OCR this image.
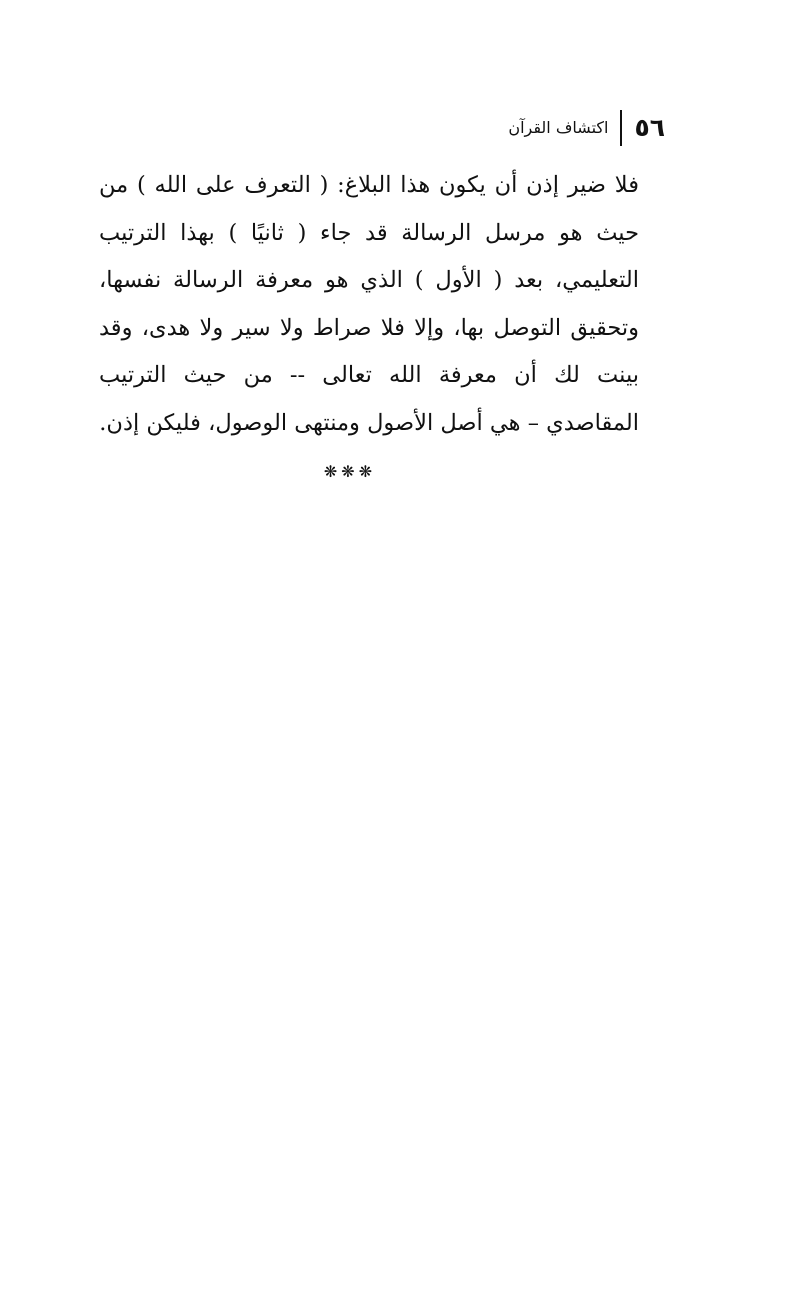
٥٦
اكتشاف القرآن

فلا ضير إذن أن يكون هذا البلاغ: ( التعرف على الله ) من حيث هو مرسل الرسالة قد جاء ( ثانيًا ) بهذا الترتيب التعليمي، بعد ( الأول ) الذي هو معرفة الرسالة نفسها، وتحقيق التوصل بها، وإلا فلا صراط ولا سير ولا هدى، وقد بينت لك أن معرفة الله تعالى -- من حيث الترتيب المقاصدي – هي أصل الأصول ومنتهى الوصول، فليكن إذن.

❋❋❋
